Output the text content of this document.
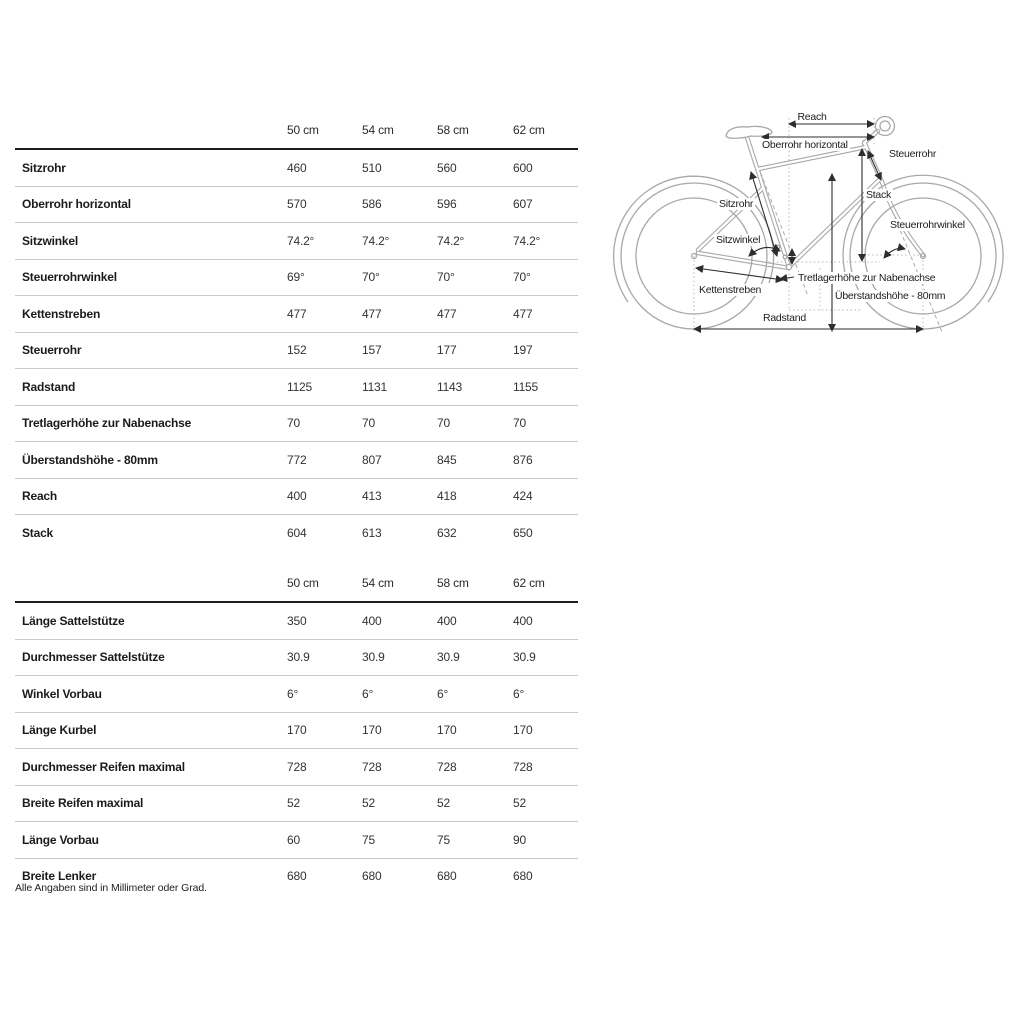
50 cm	54 cm	58 cm	62 cm
Sitzrohr	460	510	560	600
Oberrohr horizontal	570	586	596	607
Sitzwinkel	74.2°	74.2°	74.2°	74.2°
Steuerrohrwinkel	69°	70°	70°	70°
Kettenstreben	477	477	477	477
Steuerrohr	152	157	177	197
Radstand	1125	1131	1143	1155
Tretlagerhöhe zur Nabenachse	70	70	70	70
Überstandshöhe - 80mm	772	807	845	876
Reach	400	413	418	424
Stack	604	613	632	650
50 cm	54 cm	58 cm	62 cm
Länge Sattelstütze	350	400	400	400
Durchmesser Sattelstütze	30.9	30.9	30.9	30.9
Winkel Vorbau	6°	6°	6°	6°
Länge Kurbel	170	170	170	170
Durchmesser Reifen maximal	728	728	728	728
Breite Reifen maximal	52	52	52	52
Länge Vorbau	60	75	75	90
Breite Lenker	680	680	680	680
Alle Angaben sind in Millimeter oder Grad.
Reach
Oberrohr horizontal
Steuerrohr
Sitzrohr
Stack
Steuerrohrwinkel
Sitzwinkel
Tretlagerhöhe zur Nabenachse
Überstandshöhe - 80mm
Kettenstreben
Radstand
